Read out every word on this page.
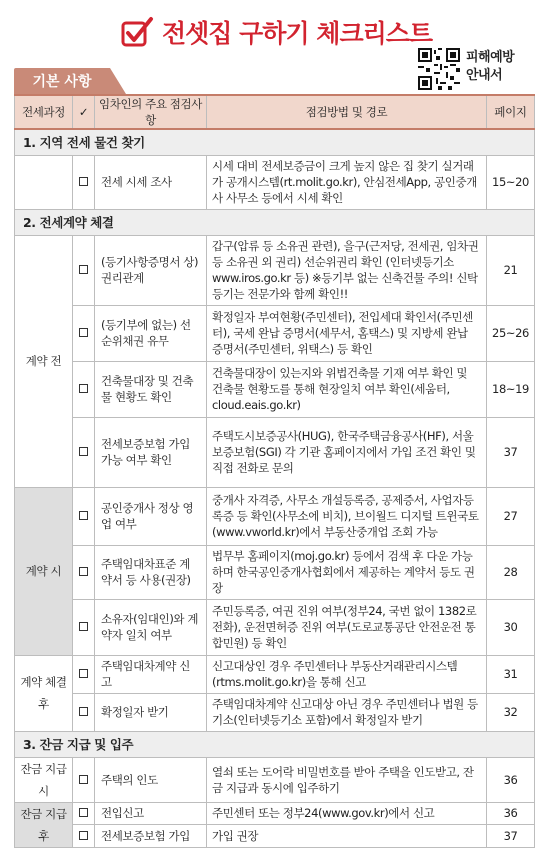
전셋집 구하기 체크리스트
피해예방
안내서
기본 사항
전세과정	✓	임차인의 주요 점검사항	점검방법 및 경로	페이지
1. 지역 전세 물건 찾기				
		전세 시세 조사	시세 대비 전세보증금이 크게 높지 않은 집 찾기 실거래가 공개시스템(rt.molit.go.kr), 안심전세App, 공인중개사 사무소 등에서 시세 확인	15~20
2. 전세계약 체결				
계약 전		(등기사항증명서 상) 권리관계	갑구(압류 등 소유권 관련), 을구(근저당, 전세권, 임차권 등 소유권 외 권리) 선순위권리 확인 (인터넷등기소 www.iros.go.kr 등) ※등기부 없는 신축건물 주의! 신탁등기는 전문가와 함께 확인!!	21
		(등기부에 없는) 선순위채권 유무	확정일자 부여현황(주민센터), 전입세대 확인서(주민센터), 국세 완납 증명서(세무서, 홈택스) 및 지방세 완납 증명서(주민센터, 위택스) 등 확인	25~26
		건축물대장 및 건축물 현황도 확인	건축물대장이 있는지와 위법건축물 기재 여부 확인 및 건축물 현황도를 통해 현장일치 여부 확인(세움터, cloud.eais.go.kr)	18~19
		전세보증보험 가입 가능 여부 확인	주택도시보증공사(HUG), 한국주택금융공사(HF), 서울보증보험(SGI) 각 기관 홈페이지에서 가입 조건 확인 및 직접 전화로 문의	37
계약 시		공인중개사 정상 영업 여부	중개사 자격증, 사무소 개설등록증, 공제증서, 사업자등록증 등 확인(사무소에 비치), 브이월드 디지털 트윈국토(www.vworld.kr)에서 부동산중개업 조회 가능	27
		주택임대차표준 계약서 등 사용(권장)	법무부 홈페이지(moj.go.kr) 등에서 검색 후 다운 가능하며 한국공인중개사협회에서 제공하는 계약서 등도 권장	28
		소유자(임대인)와 계약자 일치 여부	주민등록증, 여권 진위 여부(정부24, 국번 없이 1382로 전화), 운전면허증 진위 여부(도로교통공단 안전운전 통합민원) 등 확인	30
계약 체결 후		주택임대차계약 신고	신고대상인 경우 주민센터나 부동산거래관리시스템(rtms.molit.go.kr)을 통해 신고	31
		확정일자 받기	주택임대차계약 신고대상 아닌 경우 주민센터나 법원 등기소(인터넷등기소 포함)에서 확정일자 받기	32
3. 잔금 지급 및 입주				
잔금 지급 시		주택의 인도	열쇠 또는 도어락 비밀번호를 받아 주택을 인도받고, 잔금 지급과 동시에 입주하기	36
잔금 지급 후		전입신고	주민센터 또는 정부24(www.gov.kr)에서 신고	36
		전세보증보험 가입	가입 권장	37
